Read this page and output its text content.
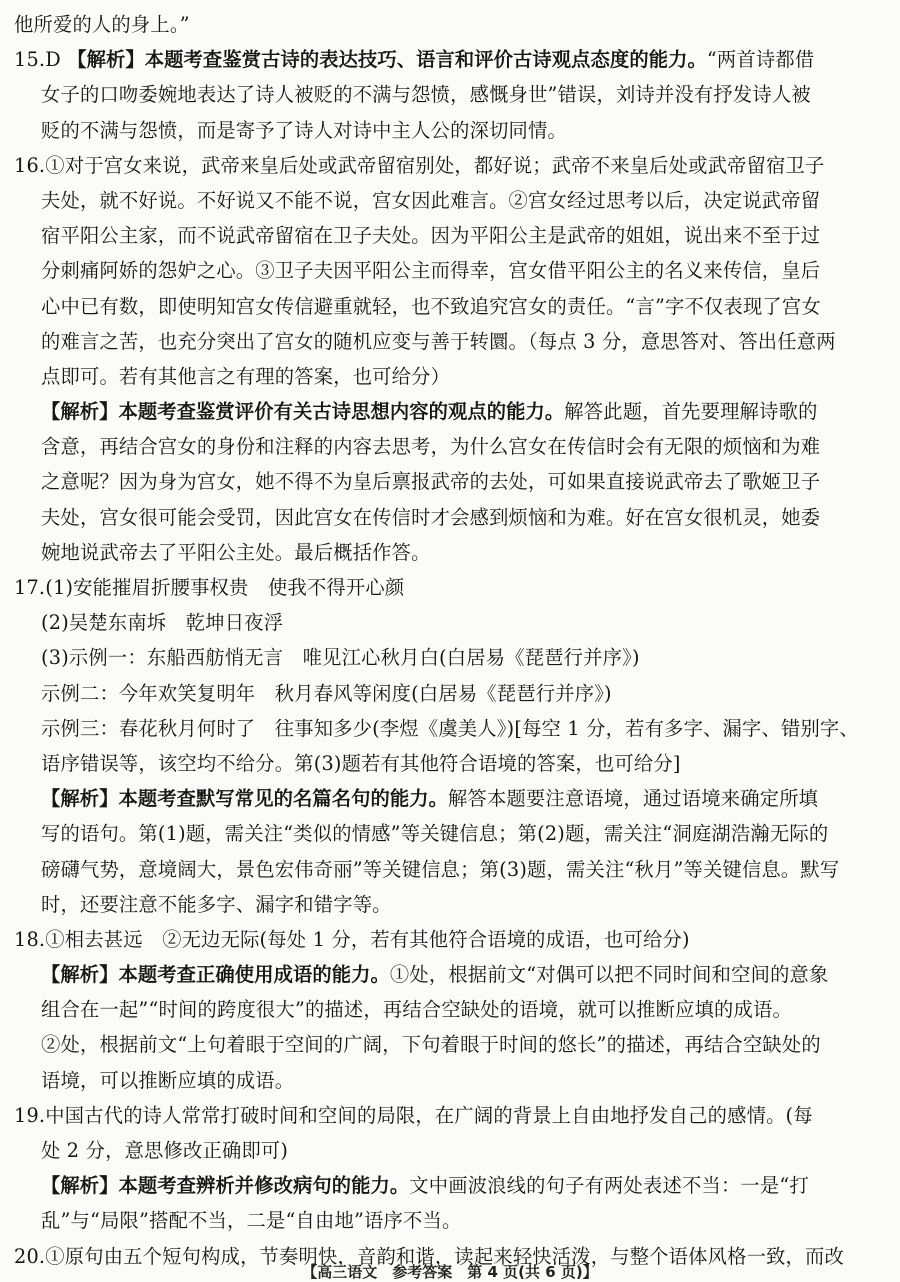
他所爱的人的身上。”
15.D 【解析】本题考查鉴赏古诗的表达技巧、语言和评价古诗观点态度的能力。“两首诗都借
女子的口吻委婉地表达了诗人被贬的不满与怨愤，感慨身世”错误，刘诗并没有抒发诗人被
贬的不满与怨愤，而是寄予了诗人对诗中主人公的深切同情。
16.①对于宫女来说，武帝来皇后处或武帝留宿别处，都好说；武帝不来皇后处或武帝留宿卫子
夫处，就不好说。不好说又不能不说，宫女因此难言。②宫女经过思考以后，决定说武帝留
宿平阳公主家，而不说武帝留宿在卫子夫处。因为平阳公主是武帝的姐姐，说出来不至于过
分刺痛阿娇的怨妒之心。③卫子夫因平阳公主而得幸，宫女借平阳公主的名义来传信，皇后
心中已有数，即使明知宫女传信避重就轻，也不致追究宫女的责任。“言”字不仅表现了宫女
的难言之苦，也充分突出了宫女的随机应变与善于转圜。（每点 3 分，意思答对、答出任意两
点即可。若有其他言之有理的答案，也可给分）
【解析】本题考查鉴赏评价有关古诗思想内容的观点的能力。解答此题，首先要理解诗歌的
含意，再结合宫女的身份和注释的内容去思考，为什么宫女在传信时会有无限的烦恼和为难
之意呢？因为身为宫女，她不得不为皇后禀报武帝的去处，可如果直接说武帝去了歌姬卫子
夫处，宫女很可能会受罚，因此宫女在传信时才会感到烦恼和为难。好在宫女很机灵，她委
婉地说武帝去了平阳公主处。最后概括作答。
17.(1)安能摧眉折腰事权贵　使我不得开心颜
(2)吴楚东南坼　乾坤日夜浮
(3)示例一：东船西舫悄无言　唯见江心秋月白(白居易《琵琶行并序》)
示例二：今年欢笑复明年　秋月春风等闲度(白居易《琵琶行并序》)
示例三：春花秋月何时了　往事知多少(李煜《虞美人》)[每空 1 分，若有多字、漏字、错别字、
语序错误等，该空均不给分。第(3)题若有其他符合语境的答案，也可给分]
【解析】本题考查默写常见的名篇名句的能力。解答本题要注意语境，通过语境来确定所填
写的语句。第(1)题，需关注“类似的情感”等关键信息；第(2)题，需关注“洞庭湖浩瀚无际的
磅礴气势，意境阔大，景色宏伟奇丽”等关键信息；第(3)题，需关注“秋月”等关键信息。默写
时，还要注意不能多字、漏字和错字等。
18.①相去甚远　②无边无际(每处 1 分，若有其他符合语境的成语，也可给分)
【解析】本题考查正确使用成语的能力。①处，根据前文“对偶可以把不同时间和空间的意象
组合在一起”“时间的跨度很大”的描述，再结合空缺处的语境，就可以推断应填的成语。
②处，根据前文“上句着眼于空间的广阔，下句着眼于时间的悠长”的描述，再结合空缺处的
语境，可以推断应填的成语。
19.中国古代的诗人常常打破时间和空间的局限，在广阔的背景上自由地抒发自己的感情。(每
处 2 分，意思修改正确即可)
【解析】本题考查辨析并修改病句的能力。文中画波浪线的句子有两处表述不当：一是“打
乱”与“局限”搭配不当，二是“自由地”语序不当。
20.①原句由五个短句构成，节奏明快，音韵和谐，读起来轻快活泼，与整个语体风格一致，而改
【高三语文　参考答案　第 4 页(共 6 页)】
